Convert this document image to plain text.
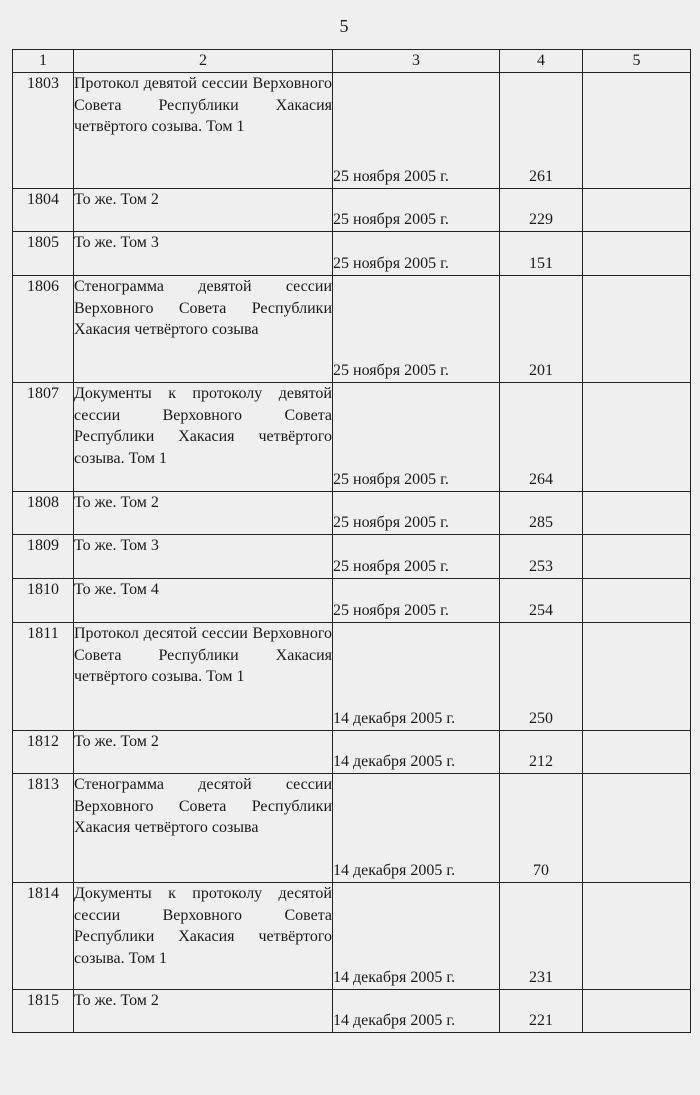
5
1	2	3	4	5
1803	Протокол девятой сессии Верховного Совета Республики Хакасия четвёртого созыва. Том 1	25 ноября 2005 г.	261	
1804	То же. Том 2	25 ноября 2005 г.	229	
1805	То же. Том 3	25 ноября 2005 г.	151	
1806	Стенограмма девятой сессии Верховного Совета Республики Хакасия четвёртого созыва	25 ноября 2005 г.	201	
1807	Документы к протоколу девятой сессии Верховного Совета Республики Хакасия четвёртого созыва. Том 1	25 ноября 2005 г.	264	
1808	То же. Том 2	25 ноября 2005 г.	285	
1809	То же. Том 3	25 ноября 2005 г.	253	
1810	То же. Том 4	25 ноября 2005 г.	254	
1811	Протокол десятой сессии Верховного Совета Республики Хакасия четвёртого созыва. Том 1	14 декабря 2005 г.	250	
1812	То же. Том 2	14 декабря 2005 г.	212	
1813	Стенограмма десятой сессии Верховного Совета Республики Хакасия четвёртого созыва	14 декабря 2005 г.	70	
1814	Документы к протоколу десятой сессии Верховного Совета Республики Хакасия четвёртого созыва. Том 1	14 декабря 2005 г.	231	
1815	То же. Том 2	14 декабря 2005 г.	221	
